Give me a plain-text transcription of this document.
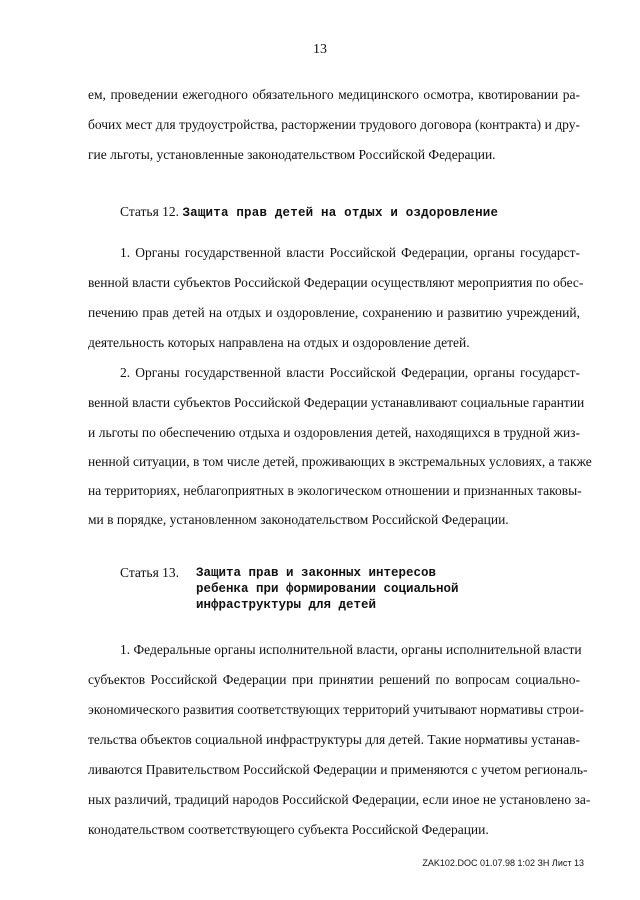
13
ем, проведении ежегодного обязательного медицинского осмотра, квотировании ра-
бочих мест для трудоустройства, расторжении трудового договора (контракта) и дру-
гие льготы, установленные законодательством Российской Федерации.
Статья 12. Защита прав детей на отдых и оздоровление
1. Органы государственной власти Российской Федерации, органы государст-
венной власти субъектов Российской Федерации осуществляют мероприятия по обес-
печению прав детей на отдых и оздоровление, сохранению и развитию учреждений,
деятельность которых направлена на отдых и оздоровление детей.
2. Органы государственной власти Российской Федерации, органы государст-
венной власти субъектов Российской Федерации устанавливают социальные гарантии
и льготы по обеспечению отдыха и оздоровления детей, находящихся в трудной жиз-
ненной ситуации, в том числе детей, проживающих в экстремальных условиях, а также
на территориях, неблагоприятных в экологическом отношении и признанных таковы-
ми в порядке, установленном законодательством Российской Федерации.
Статья 13. Защита прав и законных интересов
ребенка при формировании социальной
инфраструктуры для детей
1. Федеральные органы исполнительной власти, органы исполнительной власти
субъектов Российской Федерации при принятии решений по вопросам социально-
экономического развития соответствующих территорий учитывают нормативы строи-
тельства объектов социальной инфраструктуры для детей. Такие нормативы устанав-
ливаются Правительством Российской Федерации и применяются с учетом региональ-
ных различий, традиций народов Российской Федерации, если иное не установлено за-
конодательством соответствующего субъекта Российской Федерации.
ZAK102.DOC 01.07.98 1:02 ЗН Лист 13
